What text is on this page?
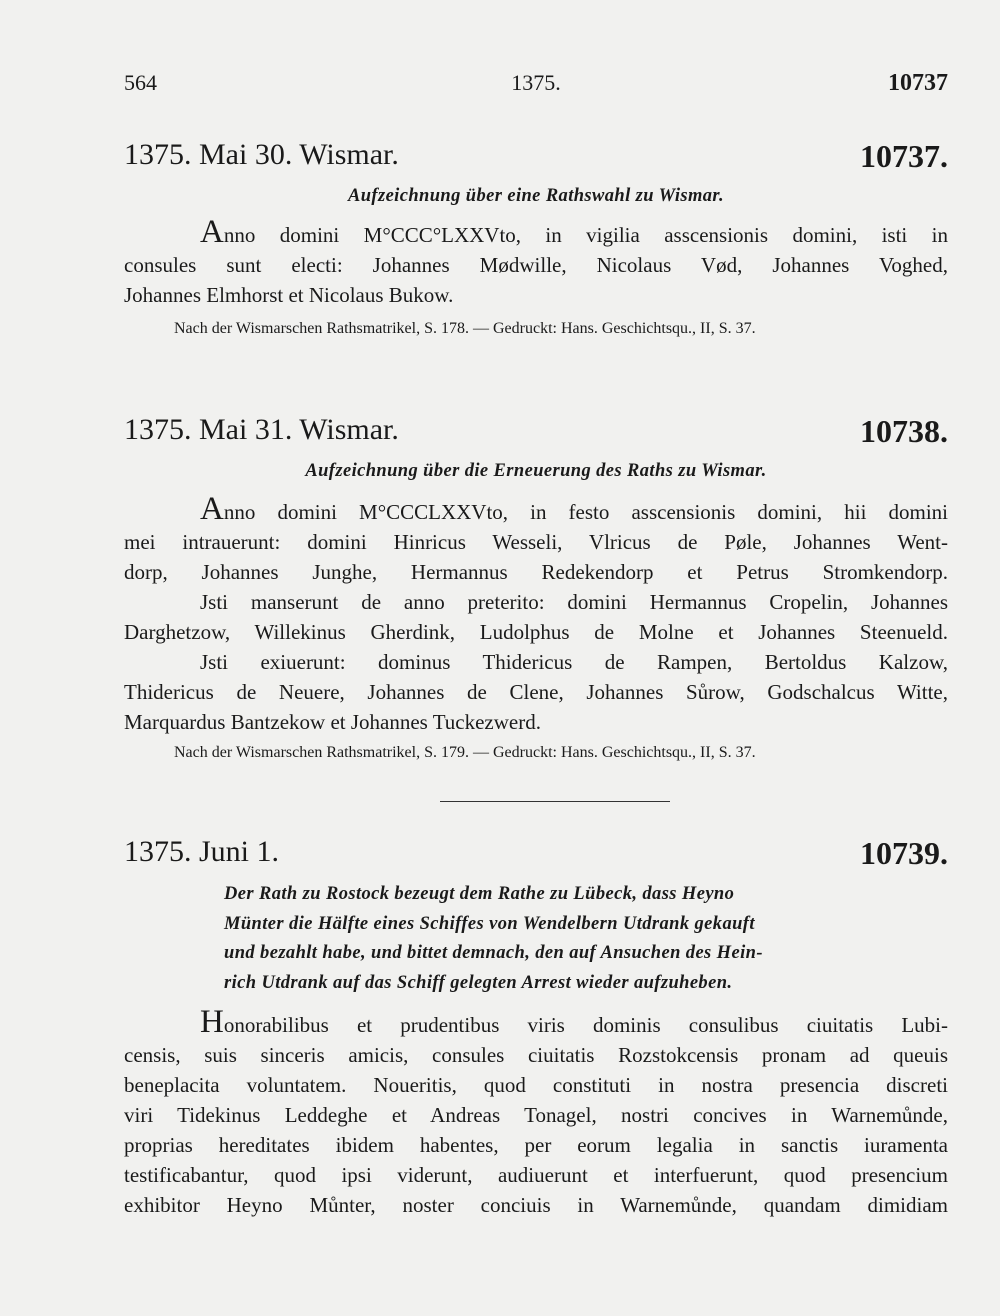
564	1375.	10737
1375. Mai 30. Wismar.	10737.
Aufzeichnung über eine Rathswahl zu Wismar.

Anno domini M°CCC°LXXVto, in vigilia asscensionis domini, isti in

consules sunt electi: Johannes Mødwille, Nicolaus Vød, Johannes Voghed,

Johannes Elmhorst et Nicolaus Bukow.

Nach der Wismarschen Rathsmatrikel, S. 178. — Gedruckt: Hans. Geschichtsqu., II, S. 37.
1375. Mai 31. Wismar.	10738.
Aufzeichnung über die Erneuerung des Raths zu Wismar.

Anno domini M°CCCLXXVto, in festo asscensionis domini, hii domini

mei intrauerunt: domini Hinricus Wesseli, Vlricus de Pøle, Johannes Went-

dorp, Johannes Junghe, Hermannus Redekendorp et Petrus Stromkendorp.

Jsti manserunt de anno preterito: domini Hermannus Cropelin, Johannes

Darghetzow, Willekinus Gherdink, Ludolphus de Molne et Johannes Steenueld.

Jsti exiuerunt: dominus Thidericus de Rampen, Bertoldus Kalzow,

Thidericus de Neuere, Johannes de Clene, Johannes Sůrow, Godschalcus Witte,

Marquardus Bantzekow et Johannes Tuckezwerd.

Nach der Wismarschen Rathsmatrikel, S. 179. — Gedruckt: Hans. Geschichtsqu., II, S. 37.
1375. Juni 1.	10739.
Der Rath zu Rostock bezeugt dem Rathe zu Lübeck, dass Heyno
Münter die Hälfte eines Schiffes von Wendelbern Utdrank gekauft
und bezahlt habe, und bittet demnach, den auf Ansuchen des Hein-
rich Utdrank auf das Schiff gelegten Arrest wieder aufzuheben.

Honorabilibus et prudentibus viris dominis consulibus ciuitatis Lubi-

censis, suis sinceris amicis, consules ciuitatis Rozstokcensis pronam ad queuis

beneplacita voluntatem. Noueritis, quod constituti in nostra presencia discreti

viri Tidekinus Leddeghe et Andreas Tonagel, nostri concives in Warnemůnde,

proprias hereditates ibidem habentes, per eorum legalia in sanctis iuramenta

testificabantur, quod ipsi viderunt, audiuerunt et interfuerunt, quod presencium

exhibitor Heyno Můnter, noster conciuis in Warnemůnde, quandam dimidiam
